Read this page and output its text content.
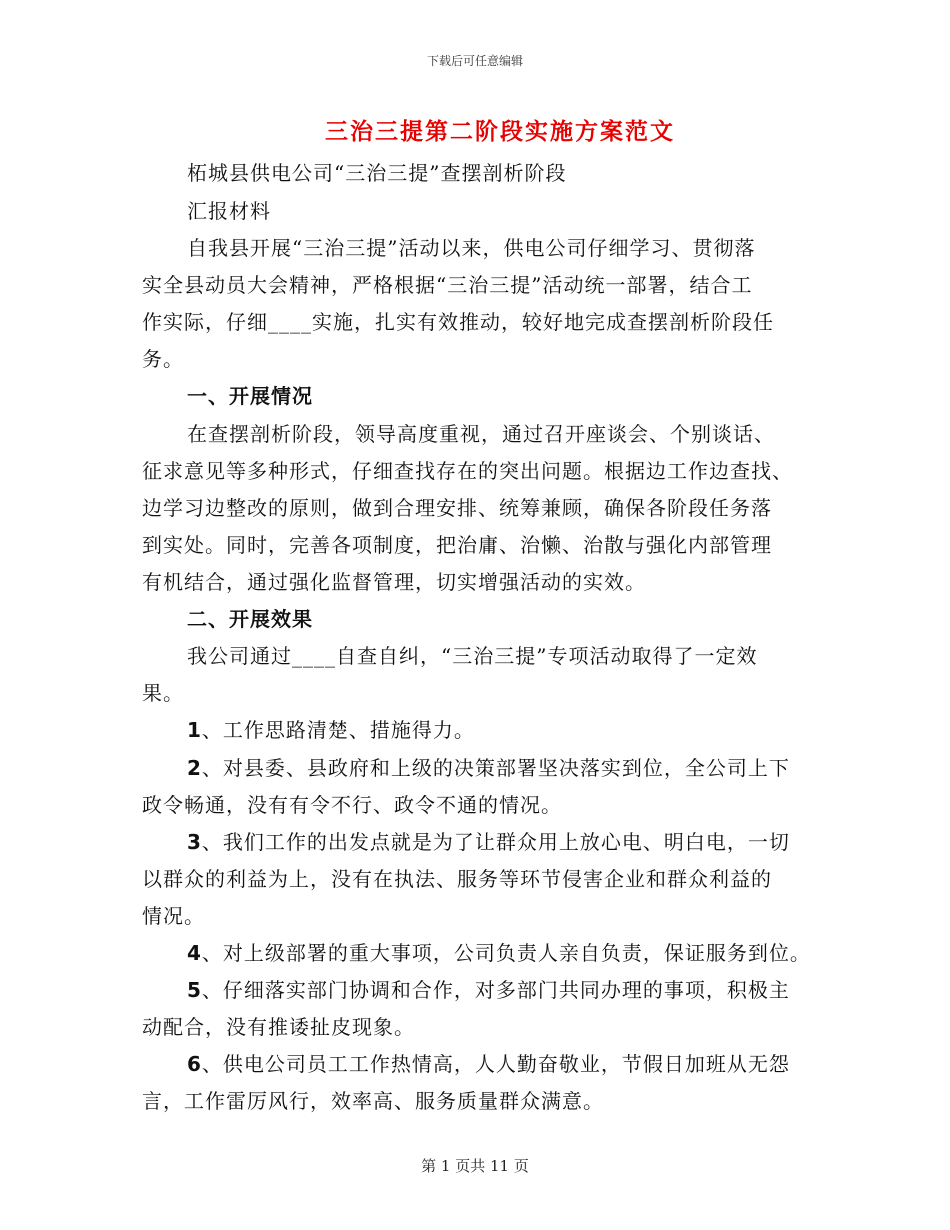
下载后可任意编辑
三治三提第二阶段实施方案范文
柘城县供电公司“三治三提”查摆剖析阶段
汇报材料
自我县开展“三治三提”活动以来，供电公司仔细学习、贯彻落
实全县动员大会精神，严格根据“三治三提”活动统一部署，结合工
作实际，仔细____实施，扎实有效推动，较好地完成查摆剖析阶段任
务。
一、开展情况
在查摆剖析阶段，领导高度重视，通过召开座谈会、个别谈话、
征求意见等多种形式，仔细查找存在的突出问题。根据边工作边查找、
边学习边整改的原则，做到合理安排、统筹兼顾，确保各阶段任务落
到实处。同时，完善各项制度，把治庸、治懒、治散与强化内部管理
有机结合，通过强化监督管理，切实增强活动的实效。
二、开展效果
我公司通过____自查自纠，“三治三提”专项活动取得了一定效
果。
1、工作思路清楚、措施得力。
2、对县委、县政府和上级的决策部署坚决落实到位，全公司上下
政令畅通，没有有令不行、政令不通的情况。
3、我们工作的出发点就是为了让群众用上放心电、明白电，一切
以群众的利益为上，没有在执法、服务等环节侵害企业和群众利益的
情况。
4、对上级部署的重大事项，公司负责人亲自负责，保证服务到位。
5、仔细落实部门协调和合作，对多部门共同办理的事项，积极主
动配合，没有推诿扯皮现象。
6、供电公司员工工作热情高，人人勤奋敬业，节假日加班从无怨
言，工作雷厉风行，效率高、服务质量群众满意。
第 1 页共 11 页
